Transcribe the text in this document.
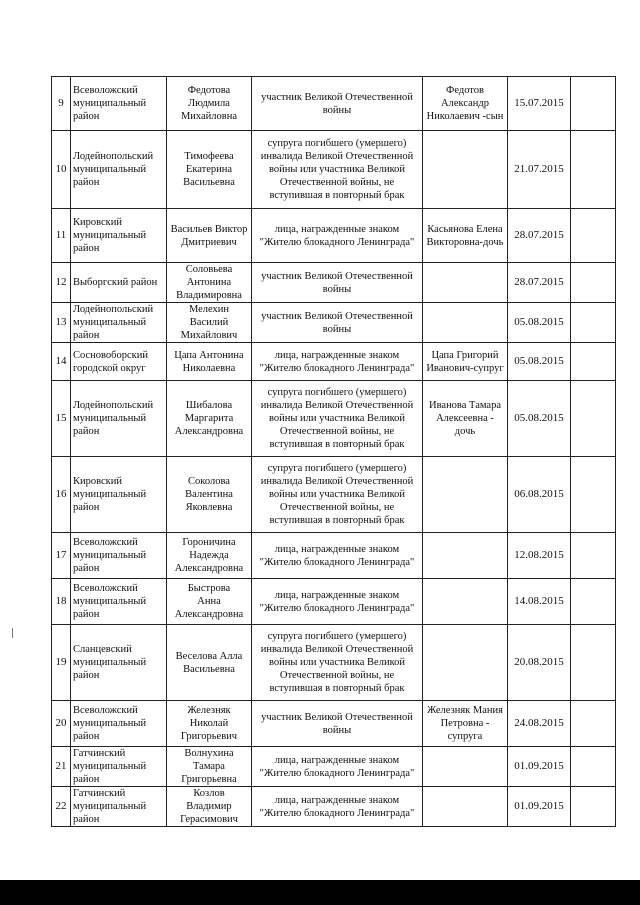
9	Всеволожский
муниципальный
район	Федотова
Людмила
Михайловна	участник Великой Отечественной
войны	Федотов
Александр
Николаевич -сын	15.07.2015	

10	Лодейнопольский
муниципальный
район	Тимофеева
Екатерина
Васильевна	супруга погибшего (умершего)
инвалида Великой Отечественной
войны или участника Великой
Отечественной войны, не
вступившая в повторный брак		21.07.2015	

11	Кировский
муниципальный
район	Васильев Виктор
Дмитриевич	лица, награжденные знаком
"Жителю блокадного Ленинграда"	Касьянова Елена
Викторовна-дочь	28.07.2015	

12	Выборгский район	Соловьева
Антонина
Владимировна	участник Великой Отечественной
войны		28.07.2015	

13	Лодейнопольский
муниципальный
район	Мелехин
Василий
Михайлович	участник Великой Отечественной
войны		05.08.2015	

14	Сосновоборский
городской округ	Цапа Антонина
Николаевна	лица, награжденные знаком
"Жителю блокадного Ленинграда"	Цапа Григорий
Иванович-супруг	05.08.2015	

15	Лодейнопольский
муниципальный
район	Шибалова
Маргарита
Александровна	супруга погибшего (умершего)
инвалида Великой Отечественной
войны или участника Великой
Отечественной войны, не
вступившая в повторный брак	Иванова Тамара
Алексеевна - дочь	05.08.2015	

16	Кировский
муниципальный
район	Соколова
Валентина
Яковлевна	супруга погибшего (умершего)
инвалида Великой Отечественной
войны или участника Великой
Отечественной войны, не
вступившая в повторный брак		06.08.2015	

17	Всеволожский
муниципальный
район	Гороничина
Надежда
Александровна	лица, награжденные знаком
"Жителю блокадного Ленинграда"		12.08.2015	

18	Всеволожский
муниципальный
район	Быстрова
Анна
Александровна	лица, награжденные знаком
"Жителю блокадного Ленинграда"		14.08.2015	

19	Сланцевский
муниципальный
район	Веселова Алла
Васильевна	супруга погибшего (умершего)
инвалида Великой Отечественной
войны или участника Великой
Отечественной войны, не
вступившая в повторный брак		20.08.2015	

20	Всеволожский
муниципальный
район	Железняк
Николай
Григорьевич	участник Великой Отечественной
войны	Железняк Мания
Петровна -
супруга	24.08.2015	

21	Гатчинский
муниципальный
район	Волнухина
Тамара
Григорьевна	лица, награжденные знаком
"Жителю блокадного Ленинграда"		01.09.2015	

22	Гатчинский
муниципальный
район	Козлов
Владимир
Герасимович	лица, награжденные знаком
"Жителю блокадного Ленинграда"		01.09.2015	
